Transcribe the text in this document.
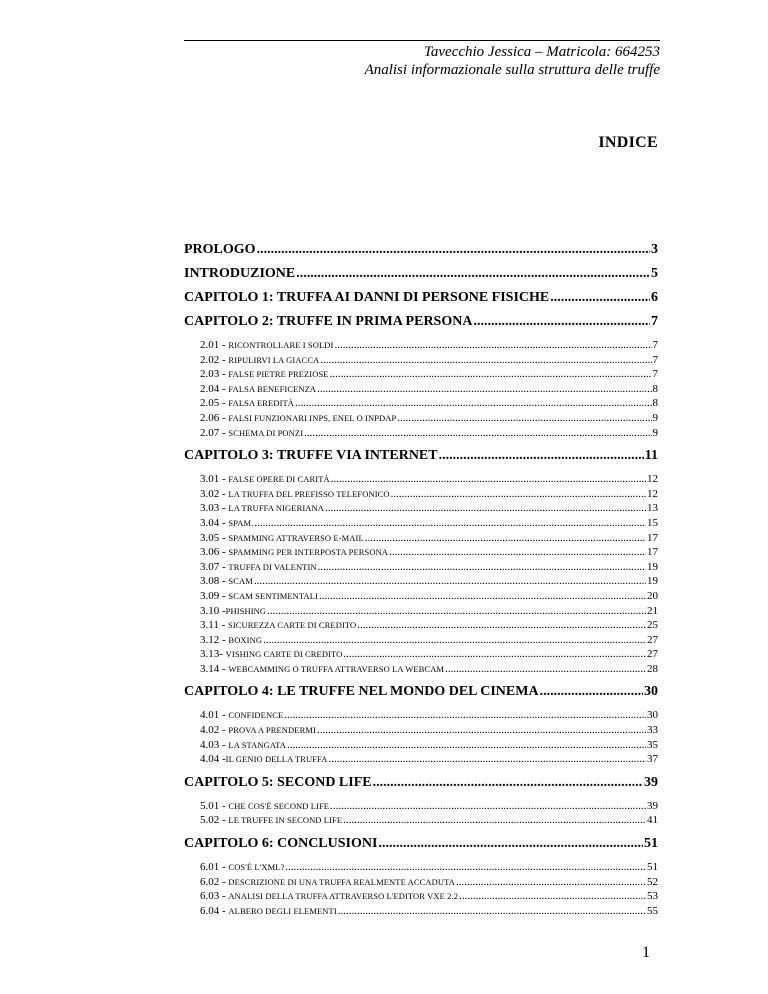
Tavecchio Jessica – Matricola: 664253
Analisi informazionale sulla struttura delle truffe
INDICE
PROLOGO .....	3
INTRODUZIONE .....	5
CAPITOLO 1: TRUFFA AI DANNI DI PERSONE FISICHE .....	6
CAPITOLO 2: TRUFFE IN PRIMA PERSONA .....	7
2.01 - RICONTROLLARE I SOLDI .....	7
2.02 - RIPULIRVI LA GIACCA .....	7
2.03 - FALSE PIETRE PREZIOSE .....	7
2.04 - FALSA BENEFICENZA .....	8
2.05 - FALSA EREDITÀ .....	8
2.06 - FALSI FUNZIONARI INPS, ENEL O INPDAP .....	9
2.07 - SCHEMA DI PONZI .....	9
CAPITOLO 3: TRUFFE VIA INTERNET .....	11
3.01 - FALSE OPERE DI CARITÀ .....	12
3.02 - LA TRUFFA DEL PREFISSO TELEFONICO .....	12
3.03 - LA TRUFFA NIGERIANA .....	13
3.04 - SPAM. .....	15
3.05 - SPAMMING ATTRAVERSO E-MAIL .....	17
3.06 - SPAMMING PER INTERPOSTA PERSONA .....	17
3.07 - TRUFFA DI VALENTIN .....	19
3.08 - SCAM .....	19
3.09 - SCAM SENTIMENTALI .....	20
3.10 -PHISHING .....	21
3.11 - SICUREZZA CARTE DI CREDITO .....	25
3.12 - BOXING .....	27
3.13- VISHING CARTE DI CREDITO .....	27
3.14 - WEBCAMMING O TRUFFA ATTRAVERSO LA WEBCAM .....	28
CAPITOLO 4: LE TRUFFE NEL MONDO DEL CINEMA .....	30
4.01 - CONFIDENCE .....	30
4.02 - PROVA A PRENDERMI .....	33
4.03 - LA STANGATA .....	35
4.04 -IL GENIO DELLA TRUFFA .....	37
CAPITOLO 5: SECOND LIFE .....	39
5.01 - CHE COS'È SECOND LIFE .....	39
5.02 - LE TRUFFE IN SECOND LIFE .....	41
CAPITOLO 6: CONCLUSIONI .....	51
6.01 - COS'È L'XML? .....	51
6.02 - DESCRIZIONE DI UNA TRUFFA REALMENTE ACCADUTA .....	52
6.03 - ANALISI DELLA TRUFFA ATTRAVERSO L'EDITOR VXE 2.2 .....	53
6.04 - ALBERO DEGLI ELEMENTI .....	55
1
